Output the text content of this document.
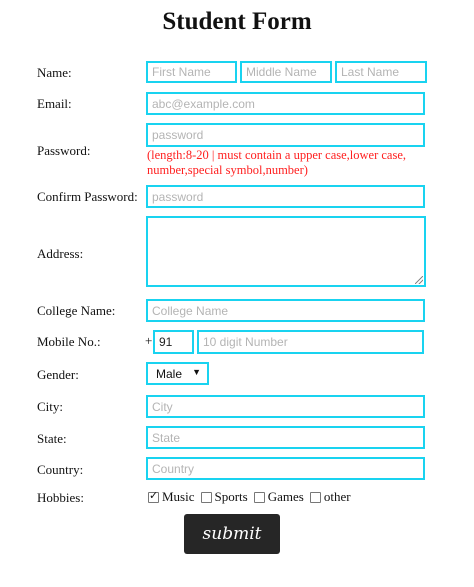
Student Form
Name:
First Name
Middle Name
Last Name
Email:
abc@example.com
Password:	(length:8-20 | must contain a upper case,lower case, number,special symbol,number)
Confirm Password:
Address:
College Name:
College Name
Mobile No.:	+
91
10 digit Number
Gender:	Male ▼
City:
City
State:
State
Country:
Country
Hobbies:
✓	Music Sports Games other
submit
